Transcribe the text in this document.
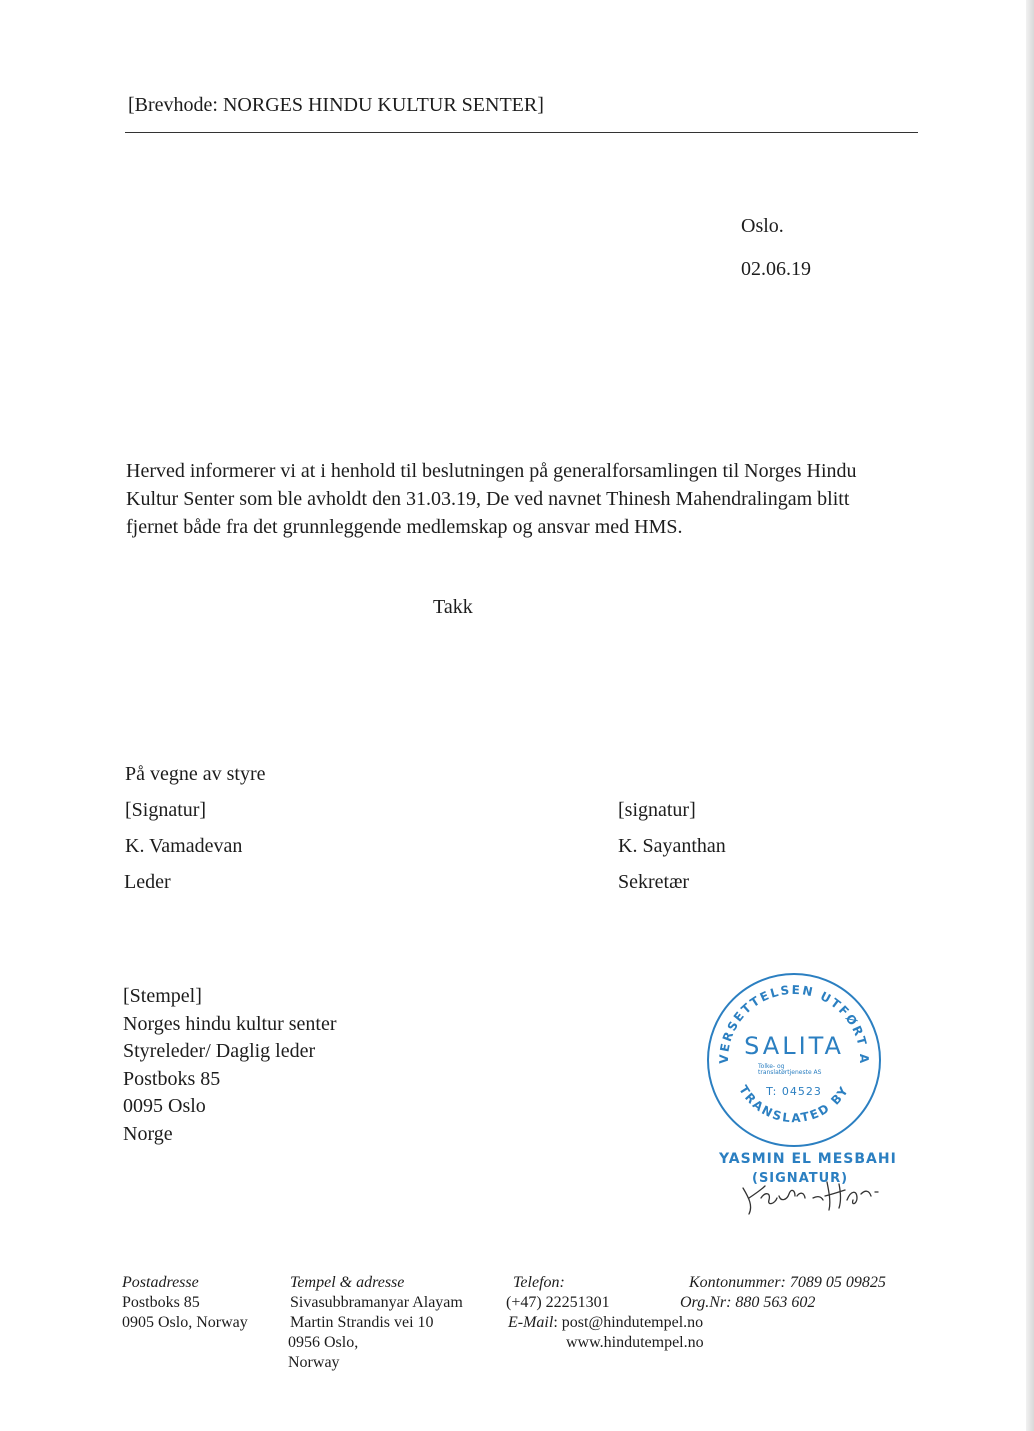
[Brevhode: NORGES HINDU KULTUR SENTER]
Oslo.
02.06.19
Herved informerer vi at i henhold til beslutningen på generalforsamlingen til Norges Hindu
Kultur Senter som ble avholdt den 31.03.19, De ved navnet Thinesh Mahendralingam blitt
fjernet både fra det grunnleggende medlemskap og ansvar med HMS.
Takk
På vegne av styre
[Signatur]
K. Vamadevan
Leder
[signatur]
K. Sayanthan
Sekretær
[Stempel]
Norges hindu kultur senter
Styreleder/ Daglig leder
Postboks 85
0095 Oslo
Norge
VERSETTELSEN UTFØRT A
TRANSLATED BY
SALITA
Tolke- og
translatørtjeneste AS
T: 04523
YASMIN EL MESBAHI
(SIGNATUR)
Postadresse
Postboks 85
0905 Oslo, Norway
Tempel & adresse
Sivasubbramanyar Alayam
Martin Strandis vei 10
0956 Oslo,
Norway
Telefon:
(+47) 22251301
E-Mail: post@hindutempel.no
www.hindutempel.no
Kontonummer: 7089 05 09825
Org.Nr: 880 563 602
